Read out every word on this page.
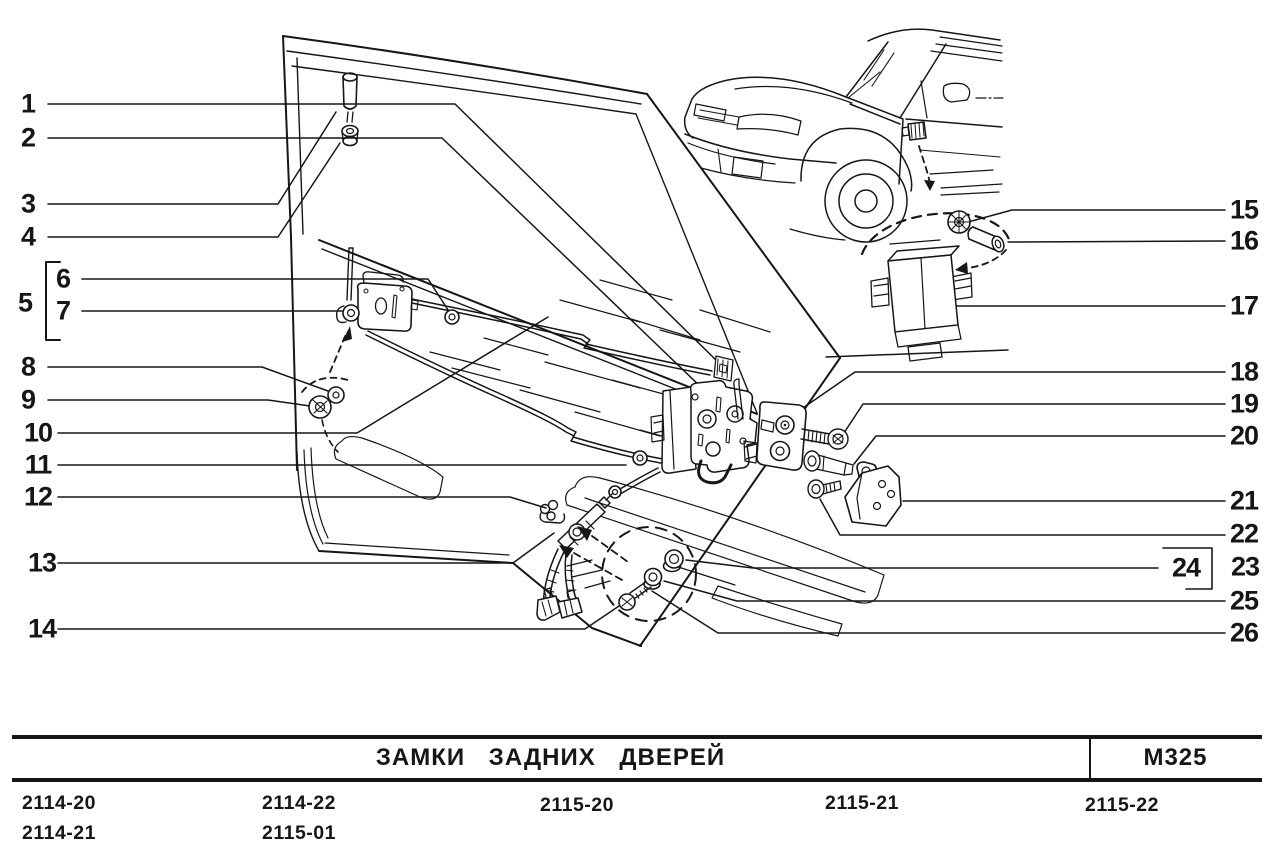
1
2
3
4
5
6
7
8
9
10
11
12
13
14
15
16
17
18
19
20
21
22
23
24
25
26
ЗАМКИ ЗАДНИХ ДВЕРЕЙ	М325
2114-20	2114-22	2115-20	2115-21	2115-22
2114-21	2115-01
